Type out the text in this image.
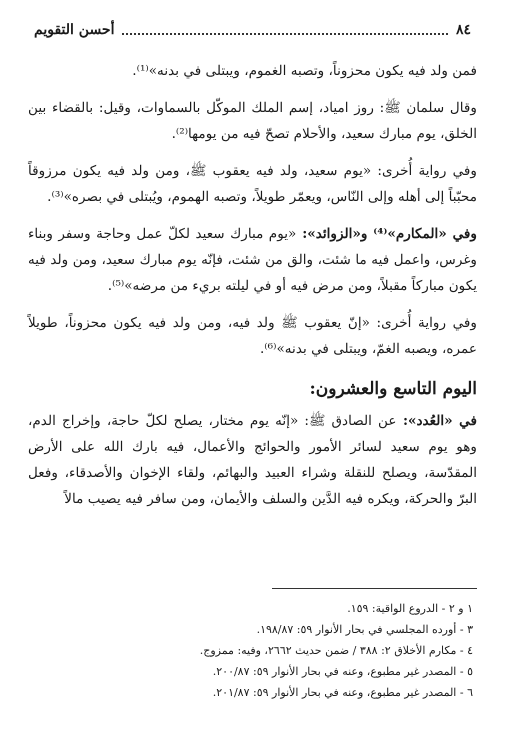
٨٤
أحسن التقويم

فمن ولد فيه يكون محزوناً، وتصبه الغموم، ويبتلى في بدنه»⁽¹⁾.

وقال سلمان ﷺ: روز امياد، إسم الملك الموكّل بالسماوات، وقيل: بالقضاء بين الخلق، يوم مبارك سعيد، والأحلام تصحّ فيه من يومها⁽²⁾.

وفي رواية أُخرى: «يوم سعيد، ولد فيه يعقوب ﷺ، ومن ولد فيه يكون مرزوقاً محبّباً إلى أهله وإلى النّاس، ويعمّر طويلاً، وتصبه الهموم، ويُبتلى في بصره»⁽³⁾.

وفي «المكارم»⁽⁴⁾ و«الزوائد»: «يوم مبارك سعيد لكلّ عمل وحاجة وسفر وبناء وغرس، واعمل فيه ما شئت، والق من شئت، فإنّه يوم مبارك سعيد، ومن ولد فيه يكون مباركاً مقبلاً، ومن مرض فيه أو في ليلته بريء من مرضه»⁽⁵⁾.

وفي رواية أُخرى: «إنّ يعقوب ﷺ ولد فيه، ومن ولد فيه يكون محزوناً، طويلاً عمره، ويصبه الغمّ، ويبتلى في بدنه»⁽⁶⁾.

اليوم التاسع والعشرون:

في «العُدد»: عن الصادق ﷺ: «إنّه يوم مختار، يصلح لكلّ حاجة، وإخراج الدم، وهو يوم سعيد لسائر الأمور والحوائج والأعمال، فيه بارك الله على الأرض المقدّسة، ويصلح للنقلة وشراء العبيد والبهائم، ولقاء الإخوان والأصدقاء، وفعل البرّ والحركة، ويكره فيه الدَّين والسلف والأيمان، ومن سافر فيه يصيب مالاً

١ و ٢ - الدروع الواقية: ١٥٩.
٣ - أورده المجلسي في بحار الأنوار ٥٩: ١٩٨/٨٧.
٤ - مكارم الأخلاق ٢: ٣٨٨ / ضمن حديث ٢٦٦٢، وفيه: ممزوج.
٥ - المصدر غير مطبوع، وعنه في بحار الأنوار ٥٩: ٢٠٠/٨٧.
٦ - المصدر غير مطبوع، وعنه في بحار الأنوار ٥٩: ٢٠١/٨٧.
